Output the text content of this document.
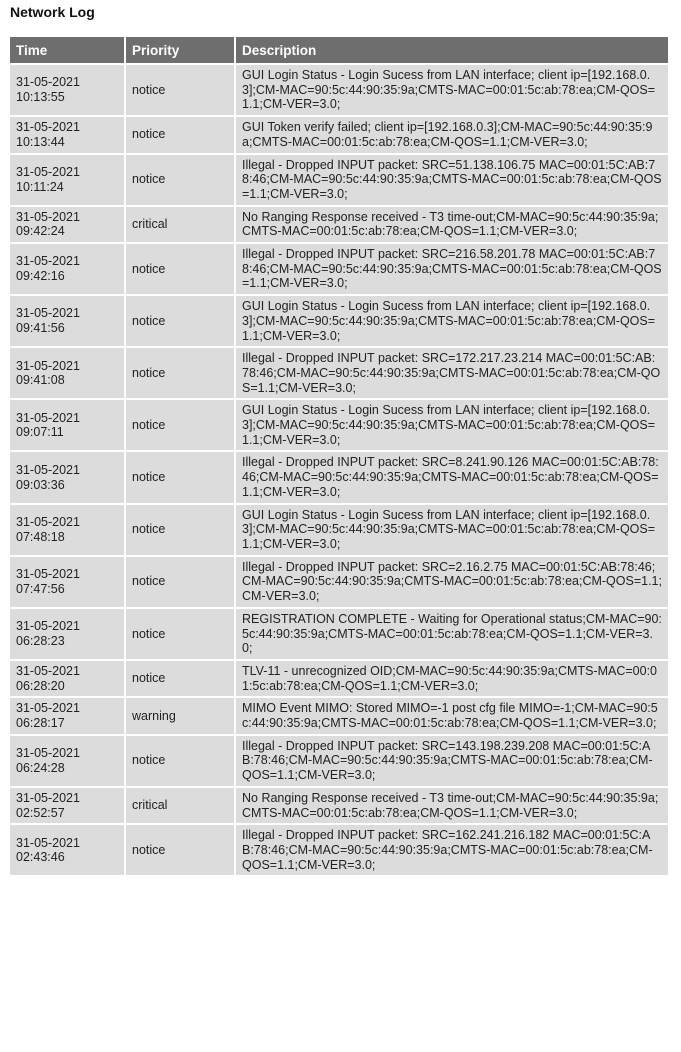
Network Log
Time	Priority	Description

31-05-2021
10:13:55	notice	GUI Login Status - Login Sucess from LAN interface; client ip=[192.168.0.3];CM-MAC=90:5c:44:90:35:9a;CMTS-MAC=00:01:5c:ab:78:ea;CM-QOS=1.1;CM-VER=3.0;

31-05-2021
10:13:44	notice	GUI Token verify failed; client ip=[192.168.0.3];CM-MAC=90:5c:44:90:35:9a;CMTS-MAC=00:01:5c:ab:78:ea;CM-QOS=1.1;CM-VER=3.0;

31-05-2021
10:11:24	notice	Illegal - Dropped INPUT packet: SRC=51.138.106.75 MAC=00:01:5C:AB:78:46;CM-MAC=90:5c:44:90:35:9a;CMTS-MAC=00:01:5c:ab:78:ea;CM-QOS=1.1;CM-VER=3.0;

31-05-2021
09:42:24	critical	No Ranging Response received - T3 time-out;CM-MAC=90:5c:44:90:35:9a;CMTS-MAC=00:01:5c:ab:78:ea;CM-QOS=1.1;CM-VER=3.0;

31-05-2021
09:42:16	notice	Illegal - Dropped INPUT packet: SRC=216.58.201.78 MAC=00:01:5C:AB:78:46;CM-MAC=90:5c:44:90:35:9a;CMTS-MAC=00:01:5c:ab:78:ea;CM-QOS=1.1;CM-VER=3.0;

31-05-2021
09:41:56	notice	GUI Login Status - Login Sucess from LAN interface; client ip=[192.168.0.3];CM-MAC=90:5c:44:90:35:9a;CMTS-MAC=00:01:5c:ab:78:ea;CM-QOS=1.1;CM-VER=3.0;

31-05-2021
09:41:08	notice	Illegal - Dropped INPUT packet: SRC=172.217.23.214 MAC=00:01:5C:AB:78:46;CM-MAC=90:5c:44:90:35:9a;CMTS-MAC=00:01:5c:ab:78:ea;CM-QOS=1.1;CM-VER=3.0;

31-05-2021
09:07:11	notice	GUI Login Status - Login Sucess from LAN interface; client ip=[192.168.0.3];CM-MAC=90:5c:44:90:35:9a;CMTS-MAC=00:01:5c:ab:78:ea;CM-QOS=1.1;CM-VER=3.0;

31-05-2021
09:03:36	notice	Illegal - Dropped INPUT packet: SRC=8.241.90.126 MAC=00:01:5C:AB:78:46;CM-MAC=90:5c:44:90:35:9a;CMTS-MAC=00:01:5c:ab:78:ea;CM-QOS=1.1;CM-VER=3.0;

31-05-2021
07:48:18	notice	GUI Login Status - Login Sucess from LAN interface; client ip=[192.168.0.3];CM-MAC=90:5c:44:90:35:9a;CMTS-MAC=00:01:5c:ab:78:ea;CM-QOS=1.1;CM-VER=3.0;

31-05-2021
07:47:56	notice	Illegal - Dropped INPUT packet: SRC=2.16.2.75 MAC=00:01:5C:AB:78:46;CM-MAC=90:5c:44:90:35:9a;CMTS-MAC=00:01:5c:ab:78:ea;CM-QOS=1.1;CM-VER=3.0;

31-05-2021
06:28:23	notice	REGISTRATION COMPLETE - Waiting for Operational status;CM-MAC=90:5c:44:90:35:9a;CMTS-MAC=00:01:5c:ab:78:ea;CM-QOS=1.1;CM-VER=3.0;

31-05-2021
06:28:20	notice	TLV-11 - unrecognized OID;CM-MAC=90:5c:44:90:35:9a;CMTS-MAC=00:01:5c:ab:78:ea;CM-QOS=1.1;CM-VER=3.0;

31-05-2021
06:28:17	warning	MIMO Event MIMO: Stored MIMO=-1 post cfg file MIMO=-1;CM-MAC=90:5c:44:90:35:9a;CMTS-MAC=00:01:5c:ab:78:ea;CM-QOS=1.1;CM-VER=3.0;

31-05-2021
06:24:28	notice	Illegal - Dropped INPUT packet: SRC=143.198.239.208 MAC=00:01:5C:AB:78:46;CM-MAC=90:5c:44:90:35:9a;CMTS-MAC=00:01:5c:ab:78:ea;CM-QOS=1.1;CM-VER=3.0;

31-05-2021
02:52:57	critical	No Ranging Response received - T3 time-out;CM-MAC=90:5c:44:90:35:9a;CMTS-MAC=00:01:5c:ab:78:ea;CM-QOS=1.1;CM-VER=3.0;

31-05-2021
02:43:46	notice	Illegal - Dropped INPUT packet: SRC=162.241.216.182 MAC=00:01:5C:AB:78:46;CM-MAC=90:5c:44:90:35:9a;CMTS-MAC=00:01:5c:ab:78:ea;CM-QOS=1.1;CM-VER=3.0;
